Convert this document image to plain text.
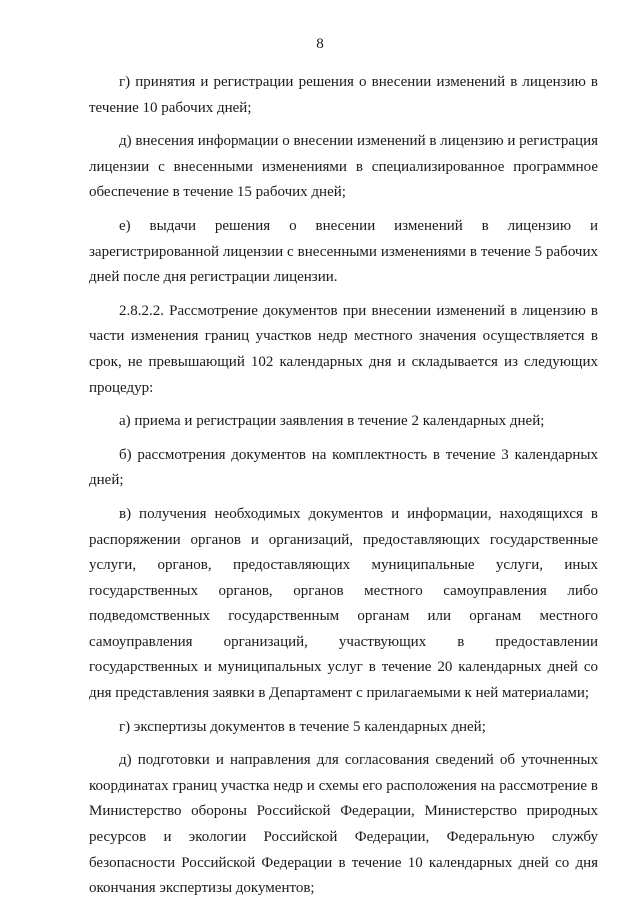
8

г) принятия и регистрации решения о внесении изменений в лицензию в течение 10 рабочих дней;

д) внесения информации о внесении изменений в лицензию и регистрация лицензии с внесенными изменениями в специализированное программное обеспечение в течение 15 рабочих дней;

е) выдачи решения о внесении изменений в лицензию и зарегистрированной лицензии с внесенными изменениями в течение 5 рабочих дней после дня регистрации лицензии.

2.8.2.2. Рассмотрение документов при внесении изменений в лицензию в части изменения границ участков недр местного значения осуществляется в срок, не превышающий 102 календарных дня и складывается из следующих процедур:

а) приема и регистрации заявления в течение 2 календарных дней;

б) рассмотрения документов на комплектность в течение 3 календарных дней;

в) получения необходимых документов и информации, находящихся в распоряжении органов и организаций, предоставляющих государственные услуги, органов, предоставляющих муниципальные услуги, иных государственных органов, органов местного самоуправления либо подведомственных государственным органам или органам местного самоуправления организаций, участвующих в предоставлении государственных и муниципальных услуг в течение 20 календарных дней со дня представления заявки в Департамент с прилагаемыми к ней материалами;

г) экспертизы документов в течение 5 календарных дней;

д) подготовки и направления для согласования сведений об уточненных координатах границ участка недр и схемы его расположения на рассмотрение в Министерство обороны Российской Федерации, Министерство природных ресурсов и экологии Российской Федерации, Федеральную службу безопасности Российской Федерации в течение 10 календарных дней со дня окончания экспертизы документов;
